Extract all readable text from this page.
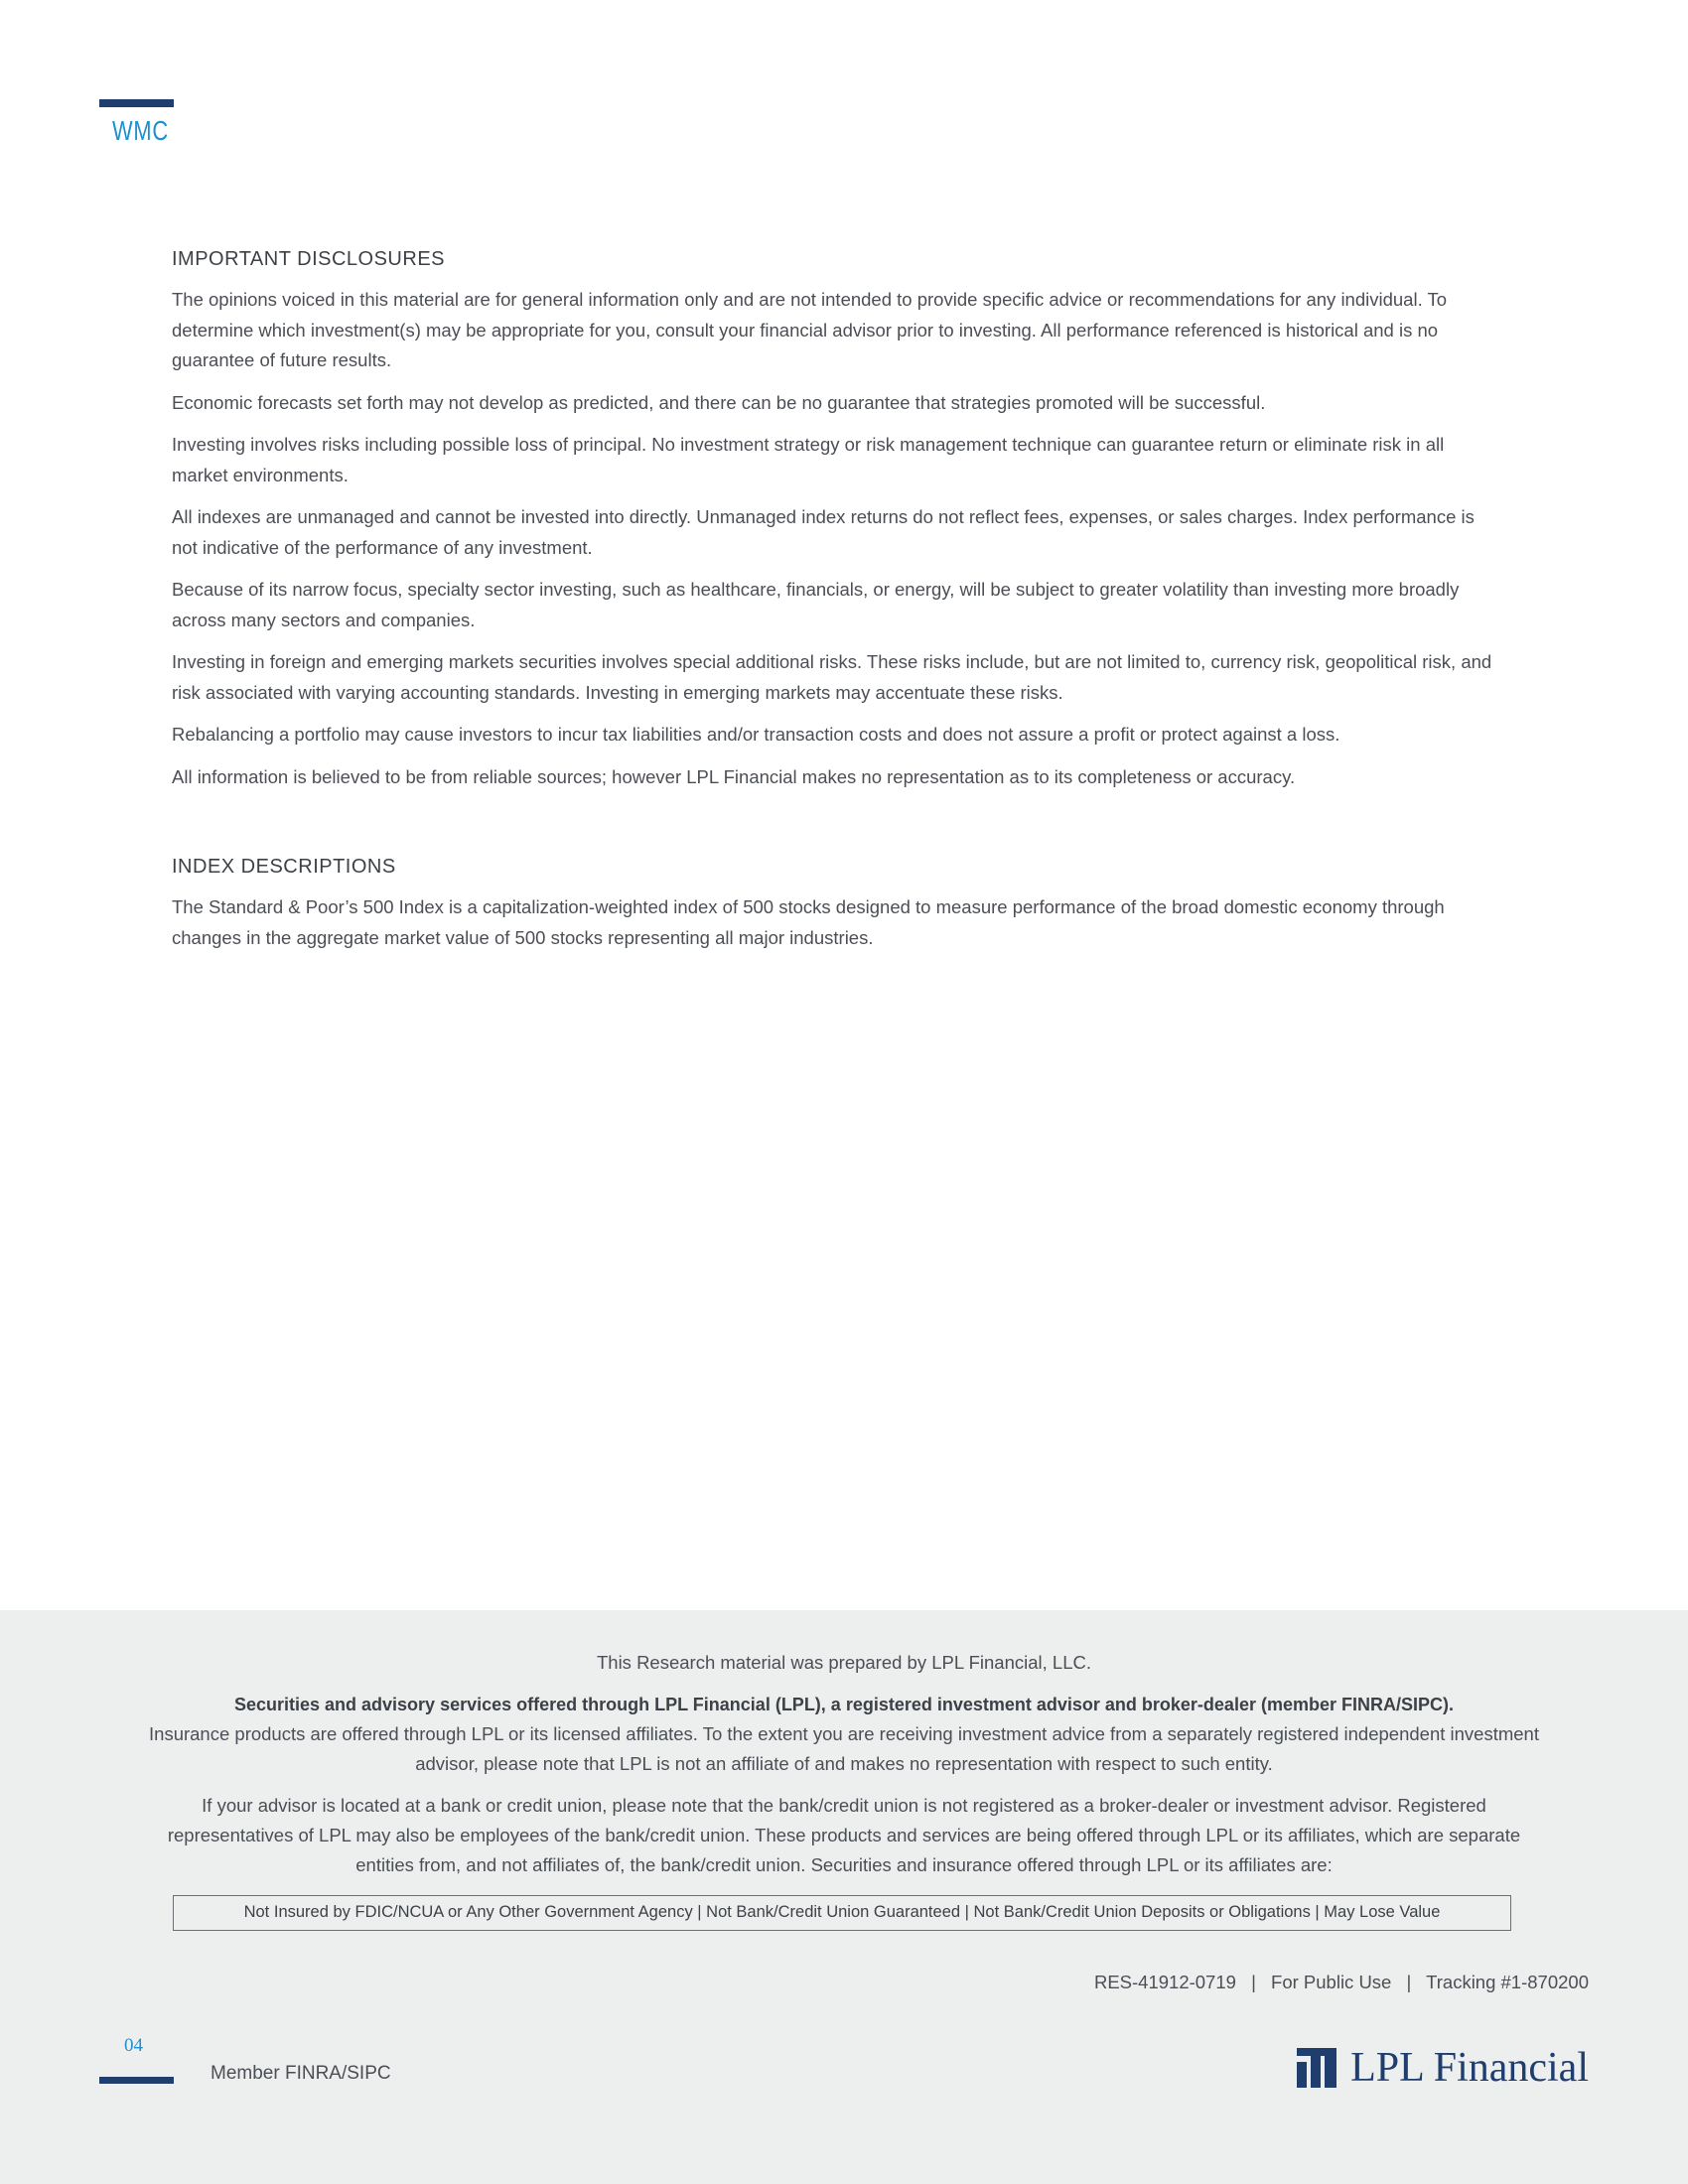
WMC
IMPORTANT DISCLOSURES

The opinions voiced in this material are for general information only and are not intended to provide specific advice or recommendations for any individual. To determine which investment(s) may be appropriate for you, consult your financial advisor prior to investing. All performance referenced is historical and is no guarantee of future results.

Economic forecasts set forth may not develop as predicted, and there can be no guarantee that strategies promoted will be successful.

Investing involves risks including possible loss of principal. No investment strategy or risk management technique can guarantee return or eliminate risk in all market environments.

All indexes are unmanaged and cannot be invested into directly. Unmanaged index returns do not reflect fees, expenses, or sales charges. Index performance is not indicative of the performance of any investment.

Because of its narrow focus, specialty sector investing, such as healthcare, financials, or energy, will be subject to greater volatility than investing more broadly across many sectors and companies.

Investing in foreign and emerging markets securities involves special additional risks. These risks include, but are not limited to, currency risk, geopolitical risk, and risk associated with varying accounting standards. Investing in emerging markets may accentuate these risks.

Rebalancing a portfolio may cause investors to incur tax liabilities and/or transaction costs and does not assure a profit or protect against a loss.

All information is believed to be from reliable sources; however LPL Financial makes no representation as to its completeness or accuracy.

INDEX DESCRIPTIONS

The Standard & Poor’s 500 Index is a capitalization-weighted index of 500 stocks designed to measure performance of the broad domestic economy through changes in the aggregate market value of 500 stocks representing all major industries.

This Research material was prepared by LPL Financial, LLC.
Securities and advisory services offered through LPL Financial (LPL), a registered investment advisor and broker-dealer (member FINRA/SIPC).
Insurance products are offered through LPL or its licensed affiliates. To the extent you are receiving investment advice from a separately registered independent investment advisor, please note that LPL is not an affiliate of and makes no representation with respect to such entity.
If your advisor is located at a bank or credit union, please note that the bank/credit union is not registered as a broker-dealer or investment advisor. Registered representatives of LPL may also be employees of the bank/credit union. These products and services are being offered through LPL or its affiliates, which are separate entities from, and not affiliates of, the bank/credit union. Securities and insurance offered through LPL or its affiliates are:
Not Insured by FDIC/NCUA or Any Other Government Agency | Not Bank/Credit Union Guaranteed | Not Bank/Credit Union Deposits or Obligations | May Lose Value
RES-41912-0719 | For Public Use | Tracking #1-870200
04
Member FINRA/SIPC	LPL Financial
